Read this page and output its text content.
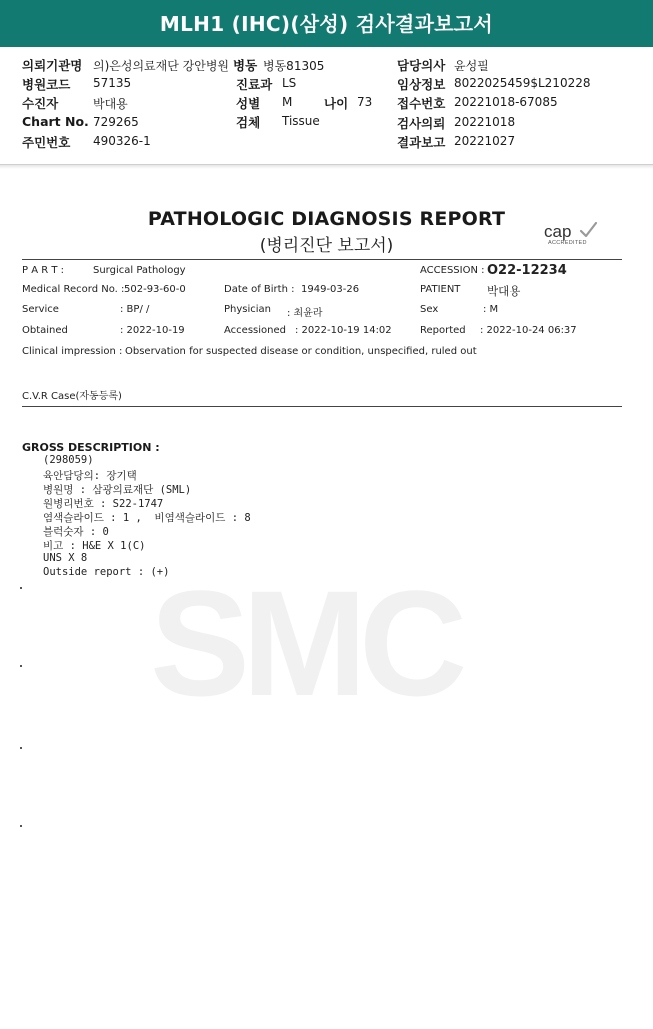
MLH1 (IHC)(삼성) 검사결과보고서
의뢰기관명 의)은성의료재단 강안병원 병동 병동81305	담당의사 윤성필
병원코드 57135	진료과 LS	임상정보 8022025459$L210228
수진자	박대용	성별 M	나이 73 접수번호 20221018-67085
Chart No. 729265	검체 Tissue	검사의뢰 20221018
주민번호 490326-1	결과보고 20221027
SMC
PATHOLOGIC DIAGNOSIS REPORT
(병리진단 보고서)
cap
ACCREDITED
P A R T :	Surgical Pathology	ACCESSION : O22-12234
Medical Record No. : 502-93-60-0	Date of Birth : 1949-03-26	PATIENT 박대용
Service	: BP/ /	Physician : 최윤라	Sex	: M
Obtained	: 2022-10-19	Accessioned : 2022-10-19 14:02	Reported : 2022-10-24 06:37
Clinical impression : Observation for suspected disease or condition, unspecified, ruled out
C.V.R Case(자동등록)
GROSS DESCRIPTION :
(298059)
육안담당의: 장기택
병원명 : 삼광의료재단 (SML)
원병리번호 : S22-1747
염색슬라이드 : 1 ,  비염색슬라이드 : 8
블럭숫자 : 0
비고 : H&E X 1(C)
UNS X 8
Outside report : (+)
